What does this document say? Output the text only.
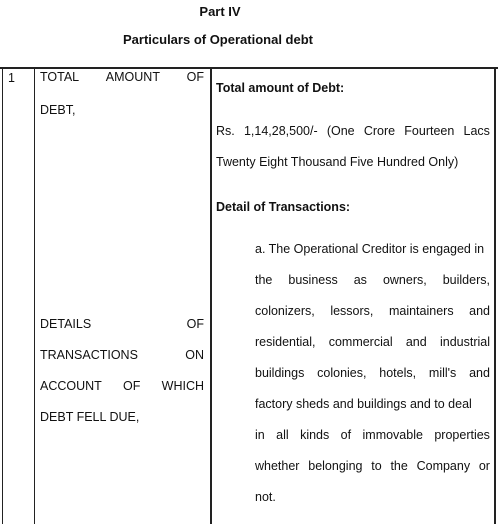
Part IV
Particulars of Operational debt
1 TOTAL AMOUNT OF
DEBT,
DETAILS	OF
TRANSACTIONS	ON
ACCOUNT OF WHICH
DEBT FELL DUE,
Total amount of Debt:
Rs. 1,14,28,500/- (One Crore Fourteen Lacs
Twenty Eight Thousand Five Hundred Only)
Detail of Transactions:
a. The Operational Creditor is engaged in
the business as owners, builders,
colonizers, lessors, maintainers and
residential, commercial and industrial
buildings colonies, hotels, mill's and
factory sheds and buildings and to deal
in all kinds of immovable properties
whether belonging to the Company or
not.
